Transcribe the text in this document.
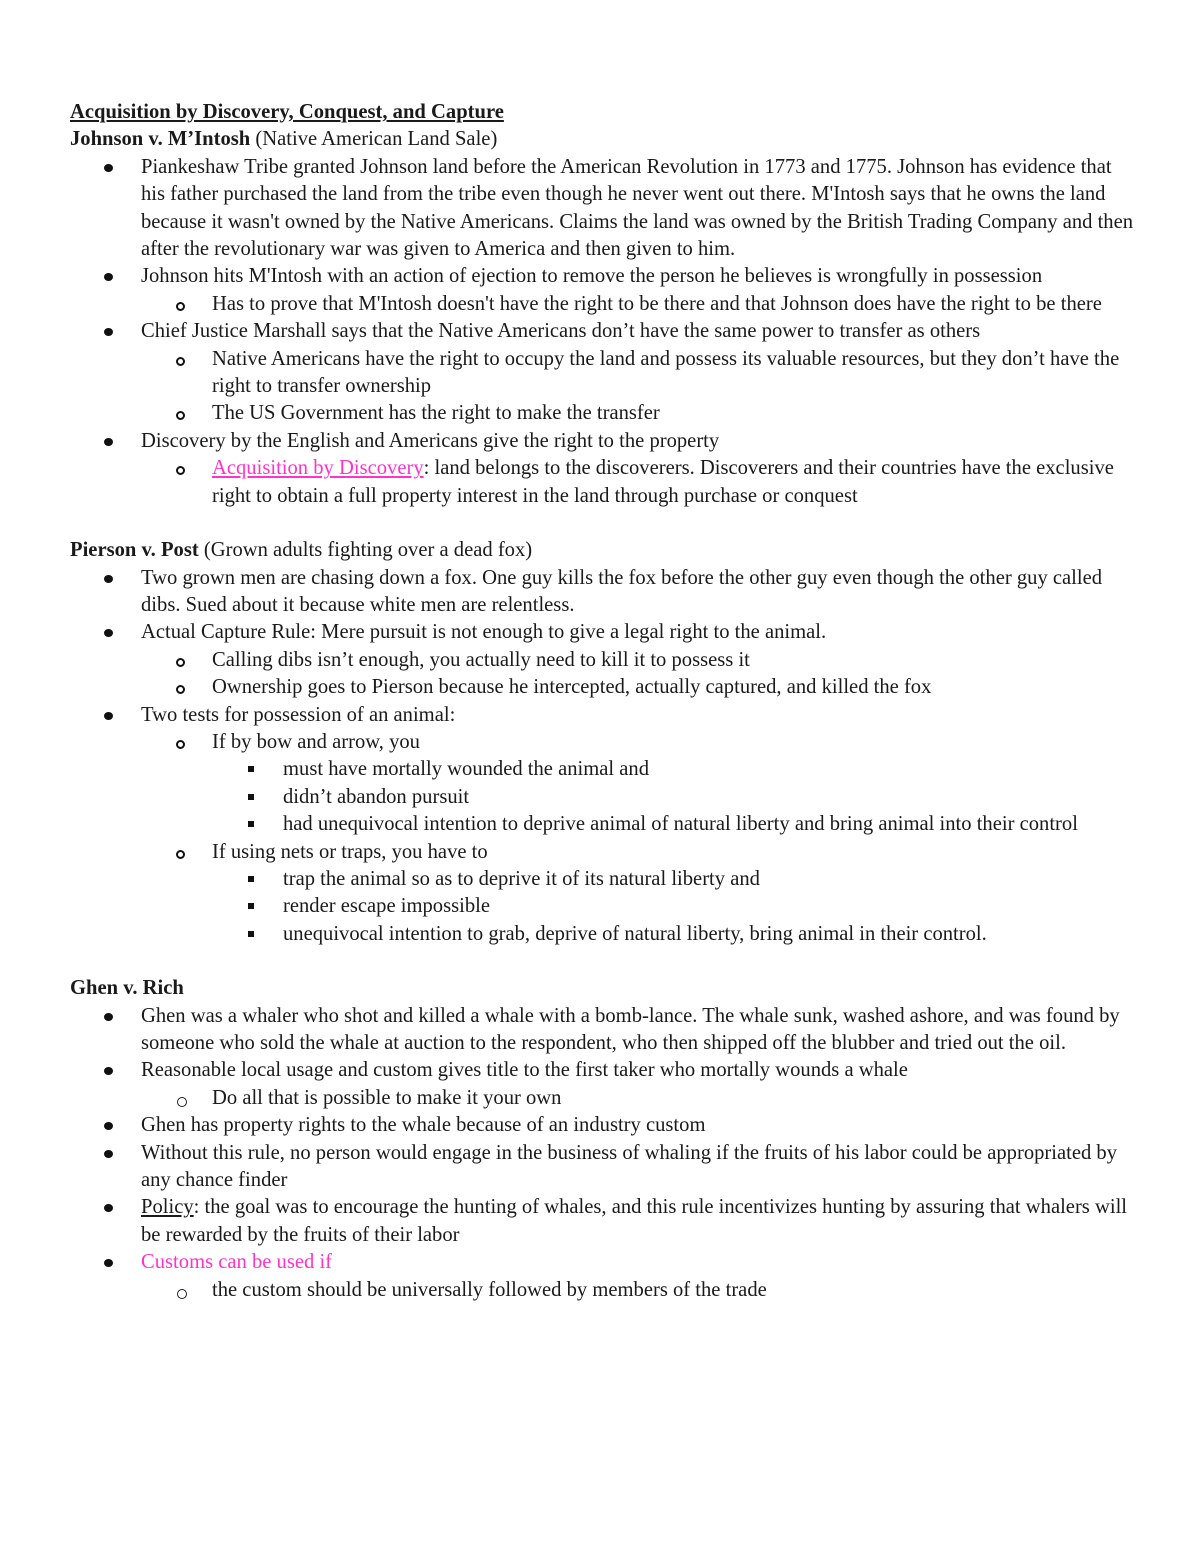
Acquisition by Discovery, Conquest, and Capture

Johnson v. M’Intosh (Native American Land Sale)

Piankeshaw Tribe granted Johnson land before the American Revolution in 1773 and 1775. Johnson has evidence that his father purchased the land from the tribe even though he never went out there. M'Intosh says that he owns the land because it wasn't owned by the Native Americans. Claims the land was owned by the British Trading Company and then after the revolutionary war was given to America and then given to him.
Johnson hits M'Intosh with an action of ejection to remove the person he believes is wrongfully in possession
Has to prove that M'Intosh doesn't have the right to be there and that Johnson does have the right to be there
Chief Justice Marshall says that the Native Americans don’t have the same power to transfer as others
Native Americans have the right to occupy the land and possess its valuable resources, but they don’t have the right to transfer ownership
The US Government has the right to make the transfer
Discovery by the English and Americans give the right to the property
Acquisition by Discovery: land belongs to the discoverers. Discoverers and their countries have the exclusive right to obtain a full property interest in the land through purchase or conquest

Pierson v. Post (Grown adults fighting over a dead fox)

Two grown men are chasing down a fox. One guy kills the fox before the other guy even though the other guy called dibs. Sued about it because white men are relentless.
Actual Capture Rule: Mere pursuit is not enough to give a legal right to the animal.
Calling dibs isn’t enough, you actually need to kill it to possess it
Ownership goes to Pierson because he intercepted, actually captured, and killed the fox
Two tests for possession of an animal:
If by bow and arrow, you
must have mortally wounded the animal and
didn’t abandon pursuit
had unequivocal intention to deprive animal of natural liberty and bring animal into their control
If using nets or traps, you have to
trap the animal so as to deprive it of its natural liberty and
render escape impossible
unequivocal intention to grab, deprive of natural liberty, bring animal in their control.

Ghen v. Rich

Ghen was a whaler who shot and killed a whale with a bomb-lance. The whale sunk, washed ashore, and was found by someone who sold the whale at auction to the respondent, who then shipped off the blubber and tried out the oil.
Reasonable local usage and custom gives title to the first taker who mortally wounds a whale
Do all that is possible to make it your own
Ghen has property rights to the whale because of an industry custom
Without this rule, no person would engage in the business of whaling if the fruits of his labor could be appropriated by any chance finder
Policy: the goal was to encourage the hunting of whales, and this rule incentivizes hunting by assuring that whalers will be rewarded by the fruits of their labor
Customs can be used if
the custom should be universally followed by members of the trade
